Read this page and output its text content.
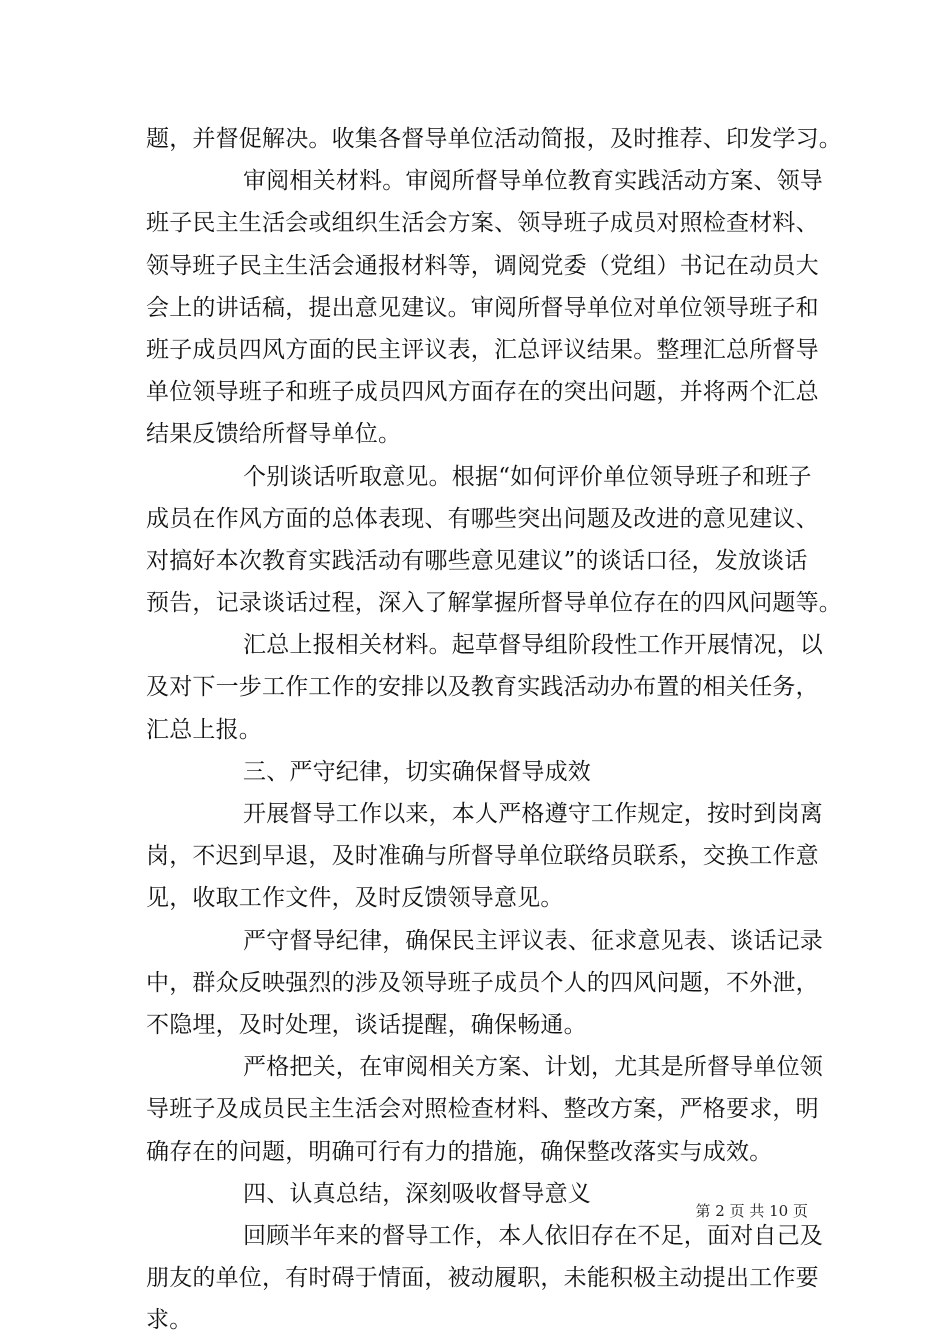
题，并督促解决。收集各督导单位活动简报，及时推荐、印发学习。
审阅相关材料。审阅所督导单位教育实践活动方案、领导
班子民主生活会或组织生活会方案、领导班子成员对照检查材料、
领导班子民主生活会通报材料等，调阅党委（党组）书记在动员大
会上的讲话稿，提出意见建议。审阅所督导单位对单位领导班子和
班子成员四风方面的民主评议表，汇总评议结果。整理汇总所督导
单位领导班子和班子成员四风方面存在的突出问题，并将两个汇总
结果反馈给所督导单位。
个别谈话听取意见。根据“如何评价单位领导班子和班子
成员在作风方面的总体表现、有哪些突出问题及改进的意见建议、
对搞好本次教育实践活动有哪些意见建议”的谈话口径，发放谈话
预告，记录谈话过程，深入了解掌握所督导单位存在的四风问题等。
汇总上报相关材料。起草督导组阶段性工作开展情况，以
及对下一步工作工作的安排以及教育实践活动办布置的相关任务，
汇总上报。
三、严守纪律，切实确保督导成效
开展督导工作以来，本人严格遵守工作规定，按时到岗离
岗，不迟到早退，及时准确与所督导单位联络员联系，交换工作意
见，收取工作文件，及时反馈领导意见。
严守督导纪律，确保民主评议表、征求意见表、谈话记录
中，群众反映强烈的涉及领导班子成员个人的四风问题，不外泄，
不隐埋，及时处理，谈话提醒，确保畅通。
严格把关，在审阅相关方案、计划，尤其是所督导单位领
导班子及成员民主生活会对照检查材料、整改方案，严格要求，明
确存在的问题，明确可行有力的措施，确保整改落实与成效。
四、认真总结，深刻吸收督导意义
回顾半年来的督导工作，本人依旧存在不足，面对自己及
朋友的单位，有时碍于情面，被动履职，未能积极主动提出工作要
求。
第 2 页 共 10 页
